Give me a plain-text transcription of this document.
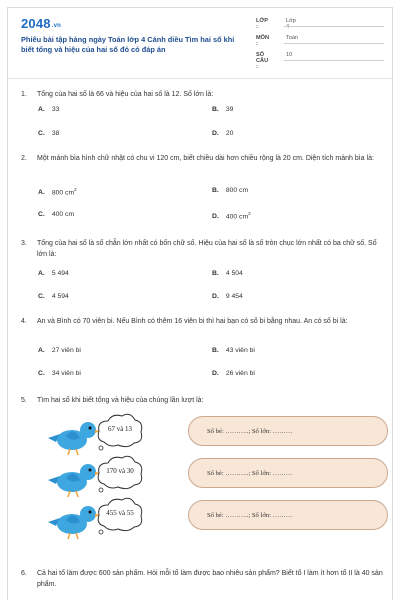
2048.vn
Phiếu bài tập hàng ngày Toán lớp 4 Cánh diều Tìm hai số khi biết tổng và hiệu của hai số đó có đáp án
LỚP :
Lớp 4
MÔN :
Toán
SỐ CÂU :
10
1. Tổng của hai số là 66 và hiệu của hai số là 12. Số lớn là:
A. 33	B. 39
C. 38	D. 20
2. Một mảnh bìa hình chữ nhật có chu vi 120 cm, biết chiều dài hơn chiều rộng là 20 cm. Diện tích mảnh bìa là:
A. 800 $cm^2$	B. 800 cm
C. 400 cm	D. 400 $cm^2$
3. Tổng của hai số là số chẵn lớn nhất có bốn chữ số. Hiệu của hai số là số tròn chục lớn nhất có ba chữ số. Số lớn là:
A. 5 494	B. 4 504
C. 4 594	D. 9 454
4. An và Bình có 70 viên bi. Nếu Bình có thêm 16 viên bi thì hai bạn có số bi bằng nhau. An có số bi là:
A. 27 viên bi	B. 43 viên bi
C. 34 viên bi	D. 26 viên bi
5. Tìm hai số khi biết tổng và hiệu của chúng lần lượt là:
67 và 13	Số bé: ………..; Số lớn: ………
170 và 30	Số bé: ………..; Số lớn: ………
455 và 55	Số bé: ………..; Số lớn: ………
6. Cả hai tổ làm được 600 sản phẩm. Hỏi mỗi tổ làm được bao nhiêu sản phẩm? Biết tổ I làm ít hơn tổ II là 40 sản phẩm.
